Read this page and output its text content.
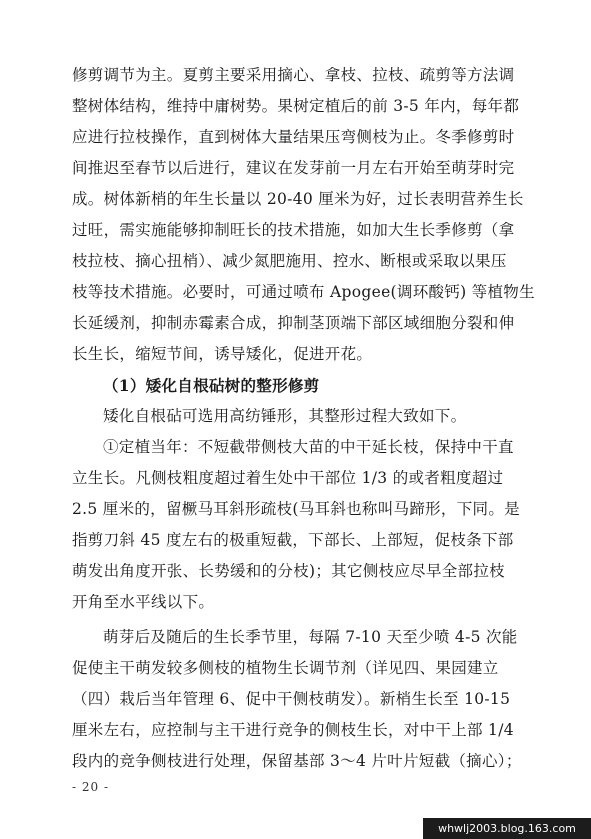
修剪调节为主。夏剪主要采用摘心、拿枝、拉枝、疏剪等方法调
整树体结构，维持中庸树势。果树定植后的前 3-5 年内，每年都
应进行拉枝操作，直到树体大量结果压弯侧枝为止。冬季修剪时
间推迟至春节以后进行，建议在发芽前一月左右开始至萌芽时完
成。树体新梢的年生长量以 20-40 厘米为好，过长表明营养生长
过旺，需实施能够抑制旺长的技术措施，如加大生长季修剪（拿
枝拉枝、摘心扭梢）、减少氮肥施用、控水、断根或采取以果压
枝等技术措施。必要时，可通过喷布 Apogee(调环酸钙) 等植物生
长延缓剂，抑制赤霉素合成，抑制茎顶端下部区域细胞分裂和伸
长生长，缩短节间，诱导矮化，促进开花。
（1）矮化自根砧树的整形修剪
矮化自根砧可选用高纺锤形，其整形过程大致如下。
①定植当年：不短截带侧枝大苗的中干延长枝，保持中干直
立生长。凡侧枝粗度超过着生处中干部位 1/3 的或者粗度超过
2.5 厘米的，留橛马耳斜形疏枝(马耳斜也称叫马蹄形，下同。是
指剪刀斜 45 度左右的极重短截，下部长、上部短，促枝条下部
萌发出角度开张、长势缓和的分枝)；其它侧枝应尽早全部拉枝
开角至水平线以下。
萌芽后及随后的生长季节里，每隔 7-10 天至少喷 4-5 次能
促使主干萌发较多侧枝的植物生长调节剂（详见四、果园建立
（四）栽后当年管理 6、促中干侧枝萌发）。新梢生长至 10-15
厘米左右，应控制与主干进行竞争的侧枝生长，对中干上部 1/4
段内的竞争侧枝进行处理，保留基部 3～4 片叶片短截（摘心）；
- 20 -
whwlj2003.blog.163.com
